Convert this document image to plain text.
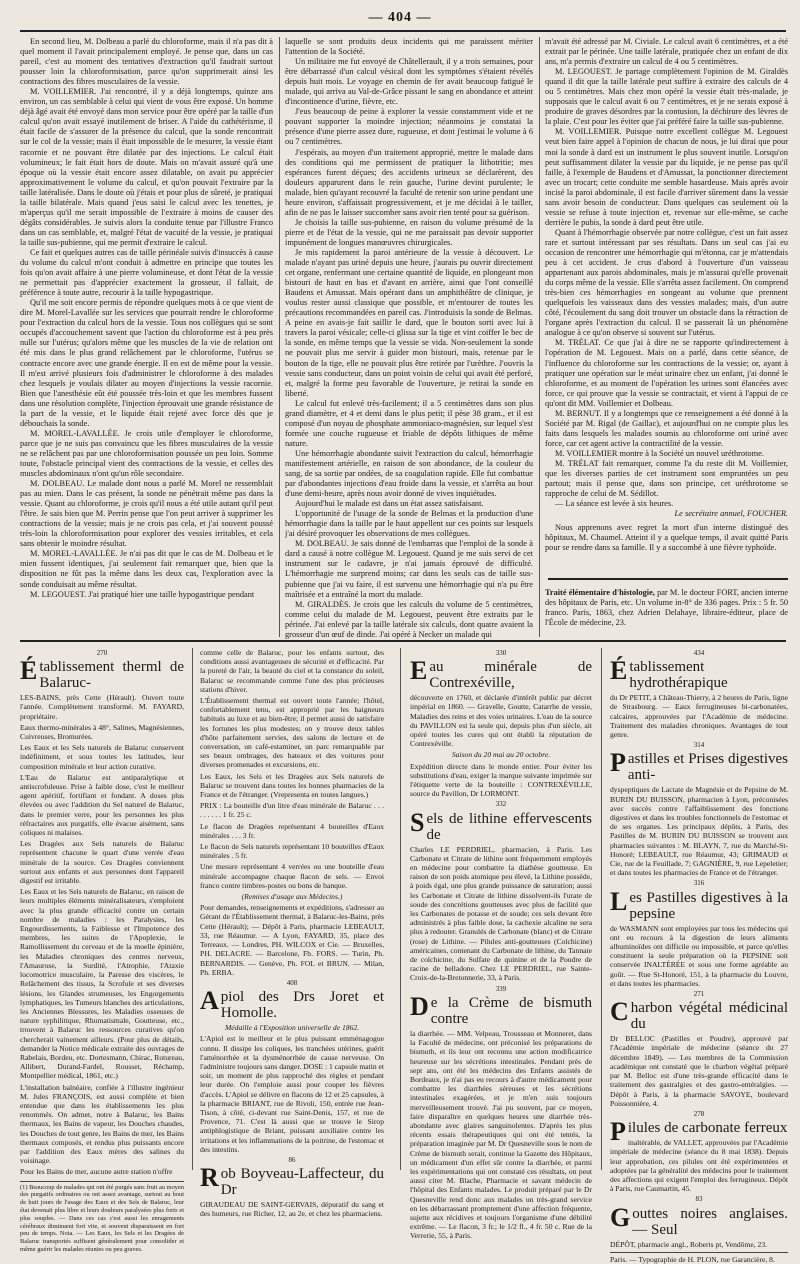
— 404 —

En second lieu, M. Dolbeau a parlé du chloroforme, mais il n'a pas dit à quel moment il l'avait principalement employé. Je pense que, dans un cas pareil, c'est au moment des tentatives d'extraction qu'il faudrait surtout pousser loin la chloroformisation, parce qu'on supprimerait ainsi les contractions des fibres musculaires de la vessie.

M. VOILLEMIER. J'ai rencontré, il y a déjà longtemps, quinze ans environ, un cas semblable à celui qui vient de vous être exposé. Un homme déjà âgé avait été envoyé dans mon service pour être opéré par la taille d'un calcul qu'on avait essayé inutilement de briser. A l'aide du cathétérisme, il était facile de s'assurer de la présence du calcul, que la sonde rencontrait sur le col de la vessie; mais il était impossible de le mesurer, la vessie étant racornie et ne pouvant être dilatée par des injections. Le calcul était volumineux; le fait était hors de doute. Mais on m'avait assuré qu'à une époque où la vessie était encore assez dilatable, on avait pu apprécier approximativement le volume du calcul, et qu'on pouvait l'extraire par la taille latéralisée. Dans le doute où j'étais et pour plus de sûreté, je pratiquai la taille bilatérale. Mais quand j'eus saisi le calcul avec les tenettes, je m'aperçus qu'il me serait impossible de l'extraire à moins de causer des dégâts considérables. Je suivis alors la conduite tenue par l'illustre Franco dans un cas semblable, et, malgré l'état de vacuité de la vessie, je pratiquai la taille sus-pubienne, qui me permit d'extraire le calcul.

Ce fait et quelques autres cas de taille périnéale suivis d'insuccès à cause du volume du calcul m'ont conduit à admettre en principe que toutes les fois qu'on avait affaire à une pierre volumineuse, et dont l'état de la vessie ne permettait pas d'apprécier exactement la grosseur, il fallait, de préférence à toute autre, recourir à la taille hypogastrique.

Qu'il me soit encore permis de répondre quelques mots à ce que vient de dire M. Morel-Lavallée sur les services que pourrait rendre le chloroforme pour l'extraction du calcul hors de la vessie. Tous nos collègues qui se sont occupés d'accouchement savent que l'action du chloroforme est à peu près nulle sur l'utérus; qu'alors même que les muscles de la vie de relation ont été mis dans le plus grand relâchement par le chloroforme, l'utérus se contracte encore avec une grande énergie. Il en est de même pour la vessie. Il m'est arrivé plusieurs fois d'administrer le chloroforme à des malades chez lesquels je voulais dilater au moyen d'injections la vessie racornie. Bien que l'anesthésie eût été poussée très-loin et que les membres fussent dans une résolution complète, l'injection éprouvait une grande résistance de la part de la vessie, et le liquide était rejeté avec force dès que je débouchais la sonde.

M. MOREL-LAVALLÉE. Je crois utile d'employer le chloroforme, parce que je ne suis pas convaincu que les fibres musculaires de la vessie ne se relâchent pas par une chloroformisation poussée un peu loin. Somme toute, l'obstacle principal vient des contractions de la vessie, et celles des muscles abdominaux n'ont qu'un rôle secondaire.

M. DOLBEAU. Le malade dont nous a parlé M. Morel ne ressemblait pas au mien. Dans le cas présent, la sonde ne pénétrait même pas dans la vessie. Quant au chloroforme, je crois qu'il nous a été utile autant qu'il peut l'être. Je sais bien que M. Perrin pense que l'on peut arriver à supprimer les contractions de la vessie; mais je ne crois pas cela, et j'ai souvent poussé très-loin la chloroformisation pour explorer des vessies irritables, et cela sans obtenir le moindre résultat.

M. MOREL-LAVALLÉE. Je n'ai pas dit que le cas de M. Dolbeau et le mien fussent identiques, j'ai seulement fait remarquer que, bien que la disposition ne fût pas la même dans les deux cas, l'exploration avec la sonde conduisait au même résultat.

M. LEGOUEST. J'ai pratiqué hier une taille hypogastrique pendant

laquelle se sont produits deux incidents qui me paraissent mériter l'attention de la Société.

Un militaire me fut envoyé de Châtellerault, il y a trois semaines, pour être débarrassé d'un calcul vésical dont les symptômes s'étaient révélés depuis huit mois. Le voyage en chemin de fer avait beaucoup fatigué le malade, qui arriva au Val-de-Grâce pissant le sang en abondance et atteint d'incontinence d'urine, fièvre, etc.

J'eus beaucoup de peine à explorer la vessie constamment vide et ne pouvant supporter la moindre injection; néanmoins je constatai la présence d'une pierre assez dure, rugueuse, et dont j'estimai le volume à 6 ou 7 centimètres.

J'espérais, au moyen d'un traitement approprié, mettre le malade dans des conditions qui me permissent de pratiquer la lithotritie; mes espérances furent déçues; des accidents urineux se déclarèrent, des douleurs apparurent dans le rein gauche, l'urine devint purulente; le malade, bien qu'ayant recouvré la faculté de retenir son urine pendant une heure environ, s'affaissait progressivement, et je me décidai à le tailler, afin de ne pas le laisser succomber sans avoir rien tenté pour sa guérison.

Je choisis la taille sus-pubienne, en raison du volume présumé de la pierre et de l'état de la vessie, qui ne me paraissait pas devoir supporter impunément de longues manœuvres chirurgicales.

Je mis rapidement la paroi antérieure de la vessie à découvert. Le malade n'ayant pas uriné depuis une heure, j'aurais pu ouvrir directement cet organe, renfermant une certaine quantité de liquide, en plongeant mon bistouri de haut en bas et d'avant en arrière, ainsi que l'ont conseillé Baudens et Amussat. Mais opérant dans un amphithéâtre de clinique, je voulus rester aussi classique que possible, et m'entourer de toutes les précautions recommandées en pareil cas. J'introduisis la sonde de Belmas. A peine en avais-je fait saillir le dard, que le bouton sorti avec lui à travers la paroi vésicale; celle-ci glissa sur la tige et vint coiffer le bec de la sonde, en même temps que la vessie se vida. Non-seulement la sonde ne pouvait plus me servir à guider mon bistouri, mais, retenue par le bouton de la tige, elle ne pouvait plus être retirée par l'urèthre. J'ouvris la vessie sans conducteur, dans un point voisin de celui qui avait été perforé, et, malgré la forme peu favorable de l'ouverture, je retirai la sonde en liberté.

Le calcul fut enlevé très-facilement; il a 5 centimètres dans son plus grand diamètre, et 4 et demi dans le plus petit; il pèse 38 gram., et il est composé d'un noyau de phosphate ammoniaco-magnésien, sur lequel s'est formée une couche rugueuse et friable de dépôts lithiques de même nature.

Une hémorrhagie abondante suivit l'extraction du calcul, hémorrhagie manifestement artérielle, en raison de son abondance, de la couleur du sang, de sa sortie par ondées, de sa coagulation rapide. Elle fut combattue par d'abondantes injections d'eau froide dans la vessie, et s'arrêta au bout d'une demi-heure, après nous avoir donné de vives inquiétudes.

Aujourd'hui le malade est dans un état assez satisfaisant.

L'opportunité de l'usage de la sonde de Belmas et la production d'une hémorrhagie dans la taille par le haut appellent sur ces points sur lesquels j'ai désiré provoquer les observations de mes collègues.

M. DOLBEAU. Je sais donné de l'embarras que l'emploi de la sonde à dard a causé à notre collègue M. Legouest. Quand je me suis servi de cet instrument sur le cadavre, je n'ai jamais éprouvé de difficulté. L'hémorrhagie me surprend moins; car dans les seuls cas de taille sus-pubienne que j'ai vu faire, il est survenu une hémorrhagie qui n'a pu être maîtrisée et a entraîné la mort du malade.

M. GIRALDÈS. Je crois que les calculs du volume de 5 centimètres, comme celui du malade de M. Legouest, peuvent être extraits par le périnée. J'ai enlevé par la taille latérale six calculs, dont quatre avaient la grosseur d'un œuf de dinde. J'ai opéré à Necker un malade qui

m'avait été adressé par M. Civiale. Le calcul avait 6 centimètres, et a été extrait par le périnée. Une taille latérale, pratiquée chez un enfant de dix ans, m'a permis d'extraire un calcul de 4 ou 5 centimètres.

M. LEGOUEST. Je partage complètement l'opinion de M. Giraldès quand il dit que la taille latérale peut suffire à extraire des calculs de 4 ou 5 centimètres. Mais chez mon opéré la vessie était très-malade, je supposais que le calcul avait 6 ou 7 centimètres, et je ne serais exposé à produire de graves désordres par la contusion, la déchirure des lèvres de la plaie. C'est pour les éviter que j'ai préféré faire la taille sus-pubienne.

M. VOILLEMIER. Puisque notre excellent collègue M. Legouest veut bien faire appel à l'opinion de chacun de nous, je lui dirai que pour moi la sonde à dard est un instrument le plus souvent inutile. Lorsqu'on peut suffisamment dilater la vessie par du liquide, je ne pense pas qu'il faille, à l'exemple de Baudens et d'Amussat, la ponctionner directement avec un trocart; cette conduite me semble hasardeuse. Mais après avoir incisé la paroi abdominale, il est facile d'arriver sûrement dans la vessie sans avoir besoin de conducteur. Dans quelques cas seulement où la vessie se refuse à toute injection et, revenue sur elle-même, se cache derrière le pubis, la sonde à dard peut être utile.

Quant à l'hémorrhagie observée par notre collègue, c'est un fait assez rare et surtout intéressant par ses résultats. Dans un seul cas j'ai eu occasion de rencontrer une hémorrhagie qui m'étonna, car je m'attendais peu à cet accident. Je crus d'abord à l'ouverture d'un vaisseau appartenant aux parois abdominales, mais je m'assurai qu'elle provenait du corps même de la vessie. Elle s'arrêta assez facilement. On comprend très-bien ces hémorrhagies en songeant au volume que prennent quelquefois les vaisseaux dans des vessies malades; mais, d'un autre côté, l'écoulement du sang doit trouver un obstacle dans la rétraction de l'organe après l'extraction du calcul. Il se passerait là un phénomène analogue à ce qu'on observe si souvent sur l'utérus.

M. TRÉLAT. Ce que j'ai à dire ne se rapporte qu'indirectement à l'opération de M. Legouest. Mais on a parlé, dans cette séance, de l'influence du chloroforme sur les contractions de la vessie; or, ayant à pratiquer une opération sur le méat urinaire chez un enfant, j'ai donné le chloroforme, et au moment de l'opération les urines sont élancées avec force, ce qui prouve que la vessie se contractait, et vient à l'appui de ce qu'ont dit MM. Voillemier et Dolbeau.

M. BERNUT. Il y a longtemps que ce renseignement a été donné à la Société par M. Rigal (de Gaillac), et aujourd'hui on ne compte plus les faits dans lesquels les malades soumis au chloroforme ont uriné avec force, car cet agent active la contractilité de la vessie.

M. VOILLEMIER montre à la Société un nouvel uréthrotome.

M. TRÉLAT fait remarquer, comme l'a du reste dit M. Voillemier, que les diverses parties de cet instrument sont empruntées un peu partout; mais il pense que, dans son principe, cet uréthrotome se rapproche de celui de M. Sédillot.

— La séance est levée à six heures.

Le secrétaire annuel, FOUCHER.

Nous apprenons avec regret la mort d'un interne distingué des hôpitaux, M. Chaumel. Atteint il y a quelque temps, il avait quitté Paris pour se rendre dans sa famille. Il y a succombé à une fièvre typhoïde.

Traité élémentaire d'histologie, par M. le docteur FORT, ancien interne des hôpitaux de Paris, etc. Un volume in-8° de 336 pages. Prix : 5 fr. 50 franco. Paris, 1863, chez Adrien Delahaye, libraire-éditeur, place de l'École de médecine, 23.
270
Établissement therml de Balaruc-

LES-BAINS, près Cette (Hérault). Ouvert toute l'année. Complètement transformé. M. FAYARD, propriétaire.

Eaux thermo-minérales à 48°, Salines, Magnésiennes, Cuivreuses, Bromurées.

Les Eaux et les Sels naturels de Balaruc conservent indéfiniment, et sous toutes les latitudes, leur composition minérale et leur action curative.

L'Eau de Balaruc est antiparalytique et antiscrofuleuse. Prise à faible dose, c'est le meilleur agent apéritif, fortifiant et fondant. A doses plus élevées ou avec l'addition du Sel naturel de Balaruc, dans le premier verre, pour les personnes les plus réfractaires aux purgatifs, elle évacue aisément, sans coliques ni malaises.

Les Dragées aux Sels naturels de Balaruc représentent chacune le quart d'une verrée d'eau minérale de la source. Ces Dragées conviennent surtout aux enfants et aux personnes dont l'appareil digestif est irritable.

Les Eaux et les Sels naturels de Balaruc, en raison de leurs multiples éléments minéralisateurs, s'emploient avec la plus grande efficacité contre un certain nombre de maladies : les Paralysies, les Engourdissements, la Faiblesse et l'Impotence des membres, les suites de l'Apoplexie, le Ramollissement du cerveau et de la moelle épinière, les Maladies chroniques des centres nerveux, l'Amaurose, la Surdité, l'Atrophie, l'Ataxie locomotrice musculaire, la Paresse des viscères, le Relâchement des tissus, la Scrofule et ses diverses lésions, les Glandes strumeuses, les Engorgements lymphatiques, les Tumeurs blanches des articulations, les Anciennes Blessures, les Maladies osseuses de nature syphilitique, Rhumatismale, Goutteuse, etc., trouvent à Balaruc les ressources curatives qu'on chercherait vainement ailleurs. (Pour plus de détails, demander la Notice médicale extraite des ouvrages de Rabelais, Bordeu, etc. Dortesmann, Chirac, Rotureau, Allibert, Durand-Fardel, Rousset, Réchamp, Montpellier médical, 1861, etc.)

L'installation balnéaire, confiée à l'illustre ingénieur M. Jules FRANÇOIS, est aussi complète et bien entendue que dans les établissements les plus renommés. On admet, notre à Balaruc, les Bains thermaux, les Bains de vapeur, les Douches chaudes, les Douches de tout genre, les Bains de mer, les Bains thermaux composés, et rendus plus puissants encore par l'addition des Eaux mères des salines du voisinage.

Pour les Bains de mer, aucune autre station n'offre

(1) Beaucoup de malades qui ont été purgés sans fruit au moyen des purgatifs ordinaires ou ont assez avantage, surtout au bout de huit jours de l'usage des Eaux et des Sels de Balaruc, leur état devenait plus libre et leurs douleurs paralysées plus forts et plus souples. — Dans ces cas c'est aussi les enragements cérébraux diminuent fort vite, et souvent disparaissent en fort peu de temps. Nota. — Les Eaux, les Sels et les Dragées de Balaruc transportés suffisent généralement pour consolider et même guérir les malades réunies ou peu graves.

comme celle de Balaruc, pour les enfants surtout, des conditions aussi avantageuses de sécurité et d'efficacité. Par la pureté de l'air, la beauté du ciel et la constance du soleil, Balaruc se recommande comme l'une des plus précieuses stations d'hiver.

L'Établissement thermal est ouvert toute l'année; l'hôtel, confortablement tenu, est approprié par les baigneurs habitués au luxe et au bien-être; il permet aussi de satisfaire les fortunes les plus modestes; on y trouve deux tables d'hôte parfaitement servies, des salons de lecture et de conversation, un café-estaminet, un parc remarquable par ses beaux ombrages, des bateaux et des voitures pour diverses promenades et excursions, etc.

Les Eaux, les Sels et les Dragées aux Sels naturels de Balaruc se trouvent dans toutes les bonnes pharmacies de la France et de l'étranger. (Vrepresenta en toutes langues.)

PRIX : La bouteille d'un litre d'eau minérale de Balaruc . . . . . . . . . 1 fr. 25 c.

Le flacon de Dragées représentant 4 bouteilles d'Eaux minérales . . . 3 fr.

Le flacon de Sels naturels représentant 10 bouteilles d'Eaux minérales . 5 fr.

Une mesure représentant 4 verrées ou une bouteille d'eau minérale accompagne chaque flacon de sels. — Envoi franco contre timbres-postes ou bons de banque.

(Remises d'usage aux Médecins.)

Pour demandes, renseignements et expéditions, s'adresser au Gérant de l'Établissement thermal, à Balaruc-les-Bains, près Cette (Hérault); — Dépôt à Paris, pharmacie LEBEAULT, 33, rue Réaumur. — A Lyon, FAYARD, 35, place des Terreaux. — Londres, PH. WILCOX et Cie. — Bruxelles, PH. DELACRE. — Barcelone, Fb. FORS. — Turin, Ph. BERNARDIS. — Genève, Ph. FOL et BRUN. — Milan, Ph. ERBA.

408
Apiol des Drs Joret et Homolle.

Médaille à l'Exposition universelle de 1862.

L'Apiol est le meilleur et le plus puissant emménagogue connu. Il dissipe les coliques, les tranchées utérines, guérit l'aménorrhée et la dysménorrhée de cause nerveuse. On l'administre toujours sans danger. DOSE : 1 capsule matin et soir, un moment de plus rapproché des règles et pendant leur durée. On l'emploie aussi pour couper les fièvres d'accès. L'Apiol se délivre en flacons de 12 et 25 capsules, à la pharmacie BRIANT, rue de Rivoli, 150, entrée rue Jean-Tison, à côté, ci-devant rue Saint-Denis, 157, et rue de Provence, 71. C'est là aussi que se trouve le Sirop antiphlogistique de Briant, puissant auxiliaire contre les irritations et les inflammations de la poitrine, de l'estomac et des intestins.

86
Rob Boyveau-Laffecteur, du Dr

GIRAUDEAU DE SAINT-GERVAIS, dépuratif du sang et des humeurs, rue Richer, 12, au 2e, et chez les pharmaciens.

330
Eau minérale de Contrexéville,

découverte en 1760, et déclarée d'intérêt public par décret impérial en 1860. — Gravelle, Goutte, Catarrhe de vessie, Maladies des reins et des voies urinaires. L'eau de la source du PAVILLON est la seule qui, depuis plus d'un siècle, ait opéré toutes les cures qui ont établi la réputation de Contrexéville.

Saison du 20 mai au 20 octobre.

Expédition directe dans le monde entier. Pour éviter les substitutions d'eau, exiger la marque suivante imprimée sur l'étiquette verte de la bouteille : CONTREXÉVILLE, source du Pavillon, Dr LORMONT.

332
Sels de lithine effervescents de

Charles LE PERDRIEL, pharmacien, à Paris. Les Carbonate et Citrate de lithine sont fréquemment employés en médecine pour combattre la diathèse goutteuse. En raison de son poids atomique peu élevé, la Lithine possède, à poids égal, une plus grande puissance de saturation; aussi les Carbonate et Citrate de lithine dissolvent-ils l'urate de soude des concrétions goutteuses avec plus de facilité que les Carbonates de potasse et de soude; ces sels devant être administrés à plus faible dose, la cachexie alcaline ne sera plus à redouter. Granulés de Carbonate (blanc) et de Citrate (rose) de Lithine. — Pilules anti-goutteuses (Colchicine) américaines, contenant du Carbonate de lithine, du Tannate de colchicine, du Sulfate de quinine et de la Poudre de racine de belladone. Chez LE PERDRIEL, rue Sainte-Croix-de-la-Bretonnerie, 33, à Paris.

339
De la Crème de bismuth contre

la diarrhée. — MM. Velpeau, Trousseau et Monneret, dans la Faculté de médecine, ont préconisé les préparations de bismuth, et ils leur ont reconnu une action modificatrice heureuse sur les sécrétions intestinales. Pendant près de sept ans, ont été les médecins des Enfants assistés de Bordeaux, je n'ai pas eu recours à d'autre médicament pour combattre les diarrhées séreuses et les sécrétions intestinales exagérées, et je m'en suis toujours merveilleusement trouvé. J'ai pu souvent, par ce moyen, faire disparaître en quelques heures une diarrhée très-abondante avec glaires sanguinolentes. D'après les plus récents essais thérapeutiques qui ont été tentés, la préparation imaginée par M. Dr Quesneville sous le nom de Crème de bismuth serait, continue la Gazette des Hôpitaux, un médicament d'un effet sûr contre la diarrhée, et parmi les expérimentations qui ont constaté ces résultats, on peut aussi citer M. Blache, Pharmacie et savant médecin de l'hôpital des Enfants malades. Le produit préparé par le Dr Quesneville rend donc aux malades un très-grand service en les débarrassant promptement d'une affection fréquente, sujette aux récidives et toujours l'organisme d'une débilité extrême. — Le flacon, 3 fr.; le 1/2 fl., 4 fr. 50 c. Rue de la Verrerie, 55, à Paris.

434
Établissement hydrothérapique

du Dr PETIT, à Château-Thierry, à 2 heures de Paris, ligne de Strasbourg. — Eaux ferrugineuses bi-carbonatées, calcaires, approuvées par l'Académie de médecine. Traitement des maladies chroniques. Avantages de tout genre.

314
Pastilles et Prises digestives anti-

dyspeptiques de Lactate de Magnésie et de Pepsine de M. BURIN DU BUISSON, pharmacien à Lyon, préconisées avec succès contre l'affaiblissement des fonctions digestives et dans les troubles fonctionnels de l'estomac et de ses organes. Les principaux dépôts, à Paris, des Pastilles de M. BURIN DU BUISSON se trouvent aux pharmacies suivantes : M. BLAYN, 7, rue du Marché-St-Honoré; LEBEAULT, rue Réaumur, 43; GRIMAUD et Cie, rue de la Feuillade, 7; GAGNIÈRE, 9, rue Lepeletier; et dans toutes les pharmacies de France et de l'étranger.

316
Les Pastilles digestives à la pepsine

de WASMANN sont employées par tous les médecins qui ont eu recours à la digestion de leurs aliments albuminoïdes ont difficile ou impossible, et parce qu'elles constituent la seule préparation où la PEPSINE soit conservée INALTÉRÉE et sous une forme agréable au goût. — Rue St-Honoré, 151, à la pharmacie du Louvre, et dans toutes les pharmacies.

271
Charbon végétal médicinal du

Dr BELLOC (Pastilles et Poudre), approuvé par l'Académie impériale de médecine (séance du 27 décembre 1849). — Les membres de la Commission académique ont constaté que le charbon végétal préparé par M. Belloc est d'une très-grande efficacité dans le traitement des gastralgies et des gastro-entéralgies. — Dépôt à Paris, à la pharmacie SAVOYE, boulevard Poissonnière, 4.

278
Pilules de carbonate ferreux

inaltérable, de VALLET, approuvées par l'Académie impériale de médecine (séance du 8 mai 1838). Depuis leur approbation, ces pilules ont été expérimentées et adoptées par la généralité des médecins pour le traitement des affections qui exigent l'emploi des ferrugineux. Dépôt à Paris, rue Caumartin, 45.

83
Gouttes noires anglaises. — Seul

DÉPÔT, pharmacie angl., Roberts pt, Vendôme, 23.

Paris. — Typographie de H. PLON, rue Garancière, 8.
